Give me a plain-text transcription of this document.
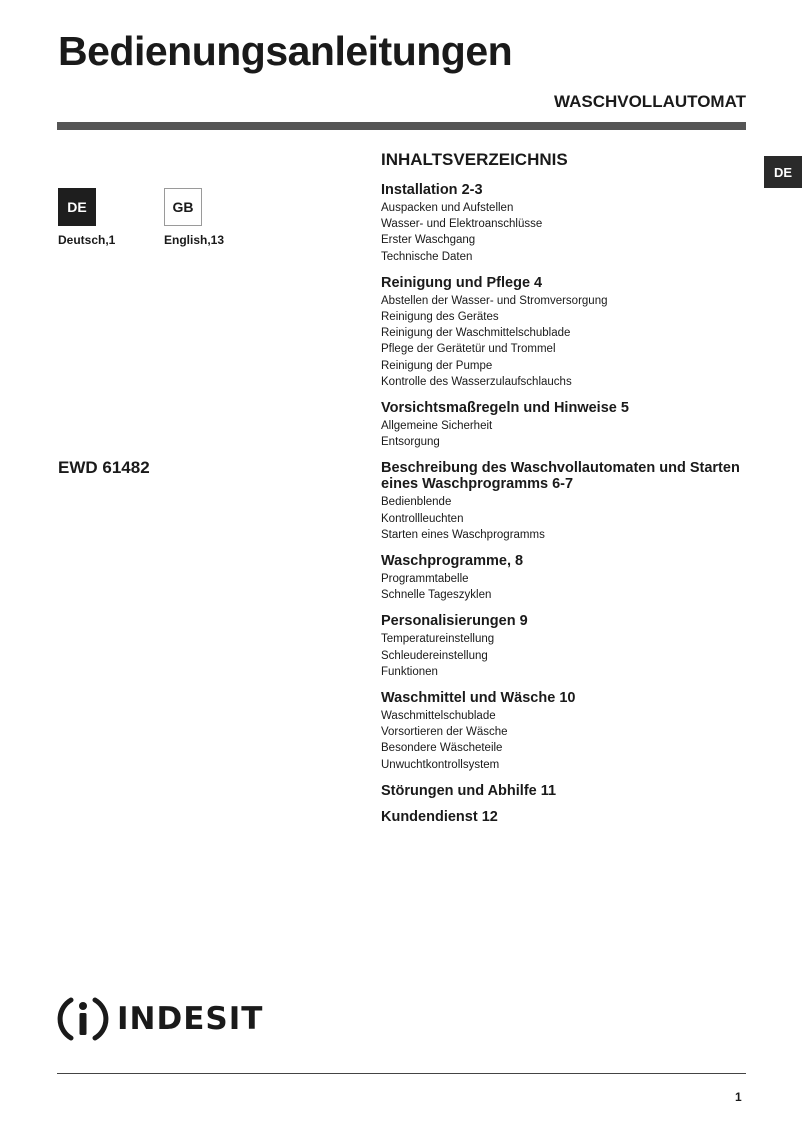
Bedienungsanleitungen
WASCHVOLLAUTOMAT
DE
DE	GB
Deutsch,1	English,13
EWD 61482
INHALTSVERZEICHNIS
Installation 2-3
Auspacken und Aufstellen
Wasser- und Elektroanschlüsse
Erster Waschgang
Technische Daten
Reinigung und Pflege 4
Abstellen der Wasser- und Stromversorgung
Reinigung des Gerätes
Reinigung der Waschmittelschublade
Pflege der Gerätetür und Trommel
Reinigung der Pumpe
Kontrolle des Wasserzulaufschlauchs
Vorsichtsmaßregeln und Hinweise 5
Allgemeine Sicherheit
Entsorgung
Beschreibung des Waschvollautomaten und Starten eines Waschprogramms 6-7
Bedienblende
Kontrollleuchten
Starten eines Waschprogramms
Waschprogramme, 8
Programmtabelle
Schnelle Tageszyklen
Personalisierungen 9
Temperatureinstellung
Schleudereinstellung
Funktionen
Waschmittel und Wäsche 10
Waschmittelschublade
Vorsortieren der Wäsche
Besondere Wäscheteile
Unwuchtkontrollsystem
Störungen und Abhilfe 11
Kundendienst 12
INDESIT
1
